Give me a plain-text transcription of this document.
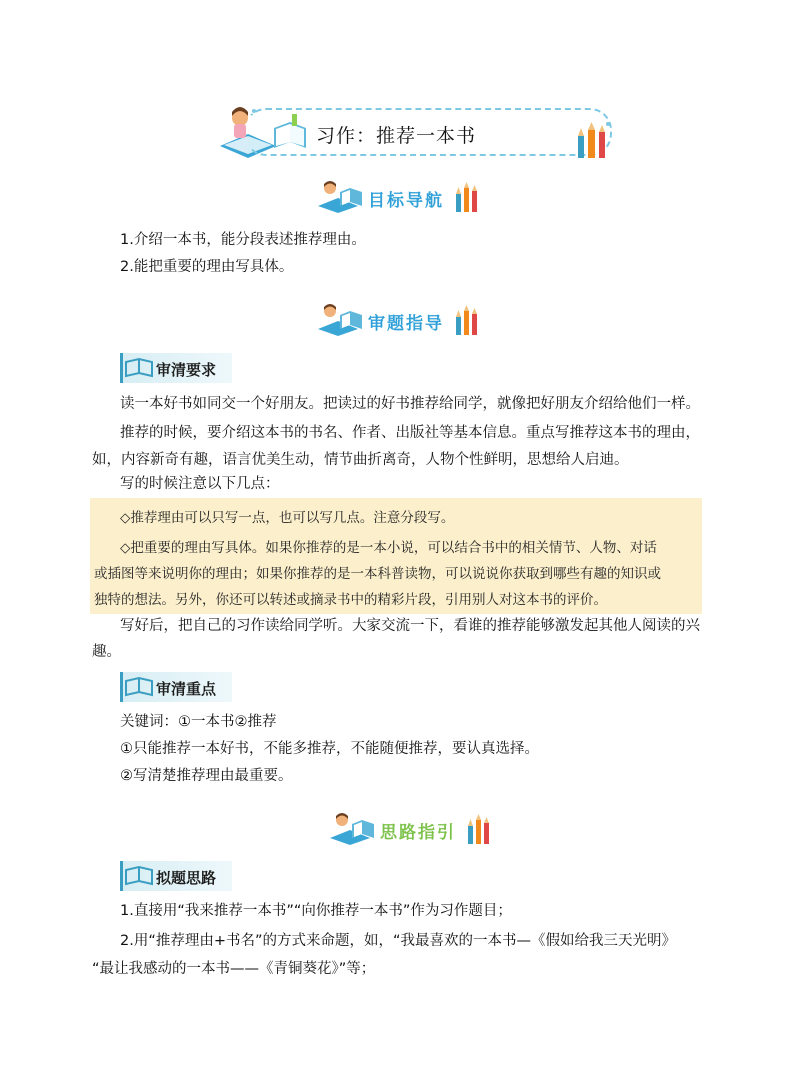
习作：推荐一本书
目标导航
1.介绍一本书，能分段表述推荐理由。
2.能把重要的理由写具体。
审题指导
审清要求
读一本好书如同交一个好朋友。把读过的好书推荐给同学，就像把好朋友介绍给他们一样。
推荐的时候，要介绍这本书的书名、作者、出版社等基本信息。重点写推荐这本书的理由，
如，内容新奇有趣，语言优美生动，情节曲折离奇，人物个性鲜明，思想给人启迪。
写的时候注意以下几点：
◇推荐理由可以只写一点，也可以写几点。注意分段写。
◇把重要的理由写具体。如果你推荐的是一本小说，可以结合书中的相关情节、人物、对话
或插图等来说明你的理由；如果你推荐的是一本科普读物，可以说说你获取到哪些有趣的知识或
独特的想法。另外，你还可以转述或摘录书中的精彩片段，引用别人对这本书的评价。
写好后，把自己的习作读给同学听。大家交流一下，看谁的推荐能够激发起其他人阅读的兴
趣。
审清重点
关键词：①一本书②推荐
①只能推荐一本好书，不能多推荐，不能随便推荐，要认真选择。
②写清楚推荐理由最重要。
思路指引
拟题思路
1.直接用“我来推荐一本书”“向你推荐一本书”作为习作题目；
2.用“推荐理由+书名”的方式来命题，如，“我最喜欢的一本书—《假如给我三天光明》
“最让我感动的一本书——《青铜葵花》”等；
